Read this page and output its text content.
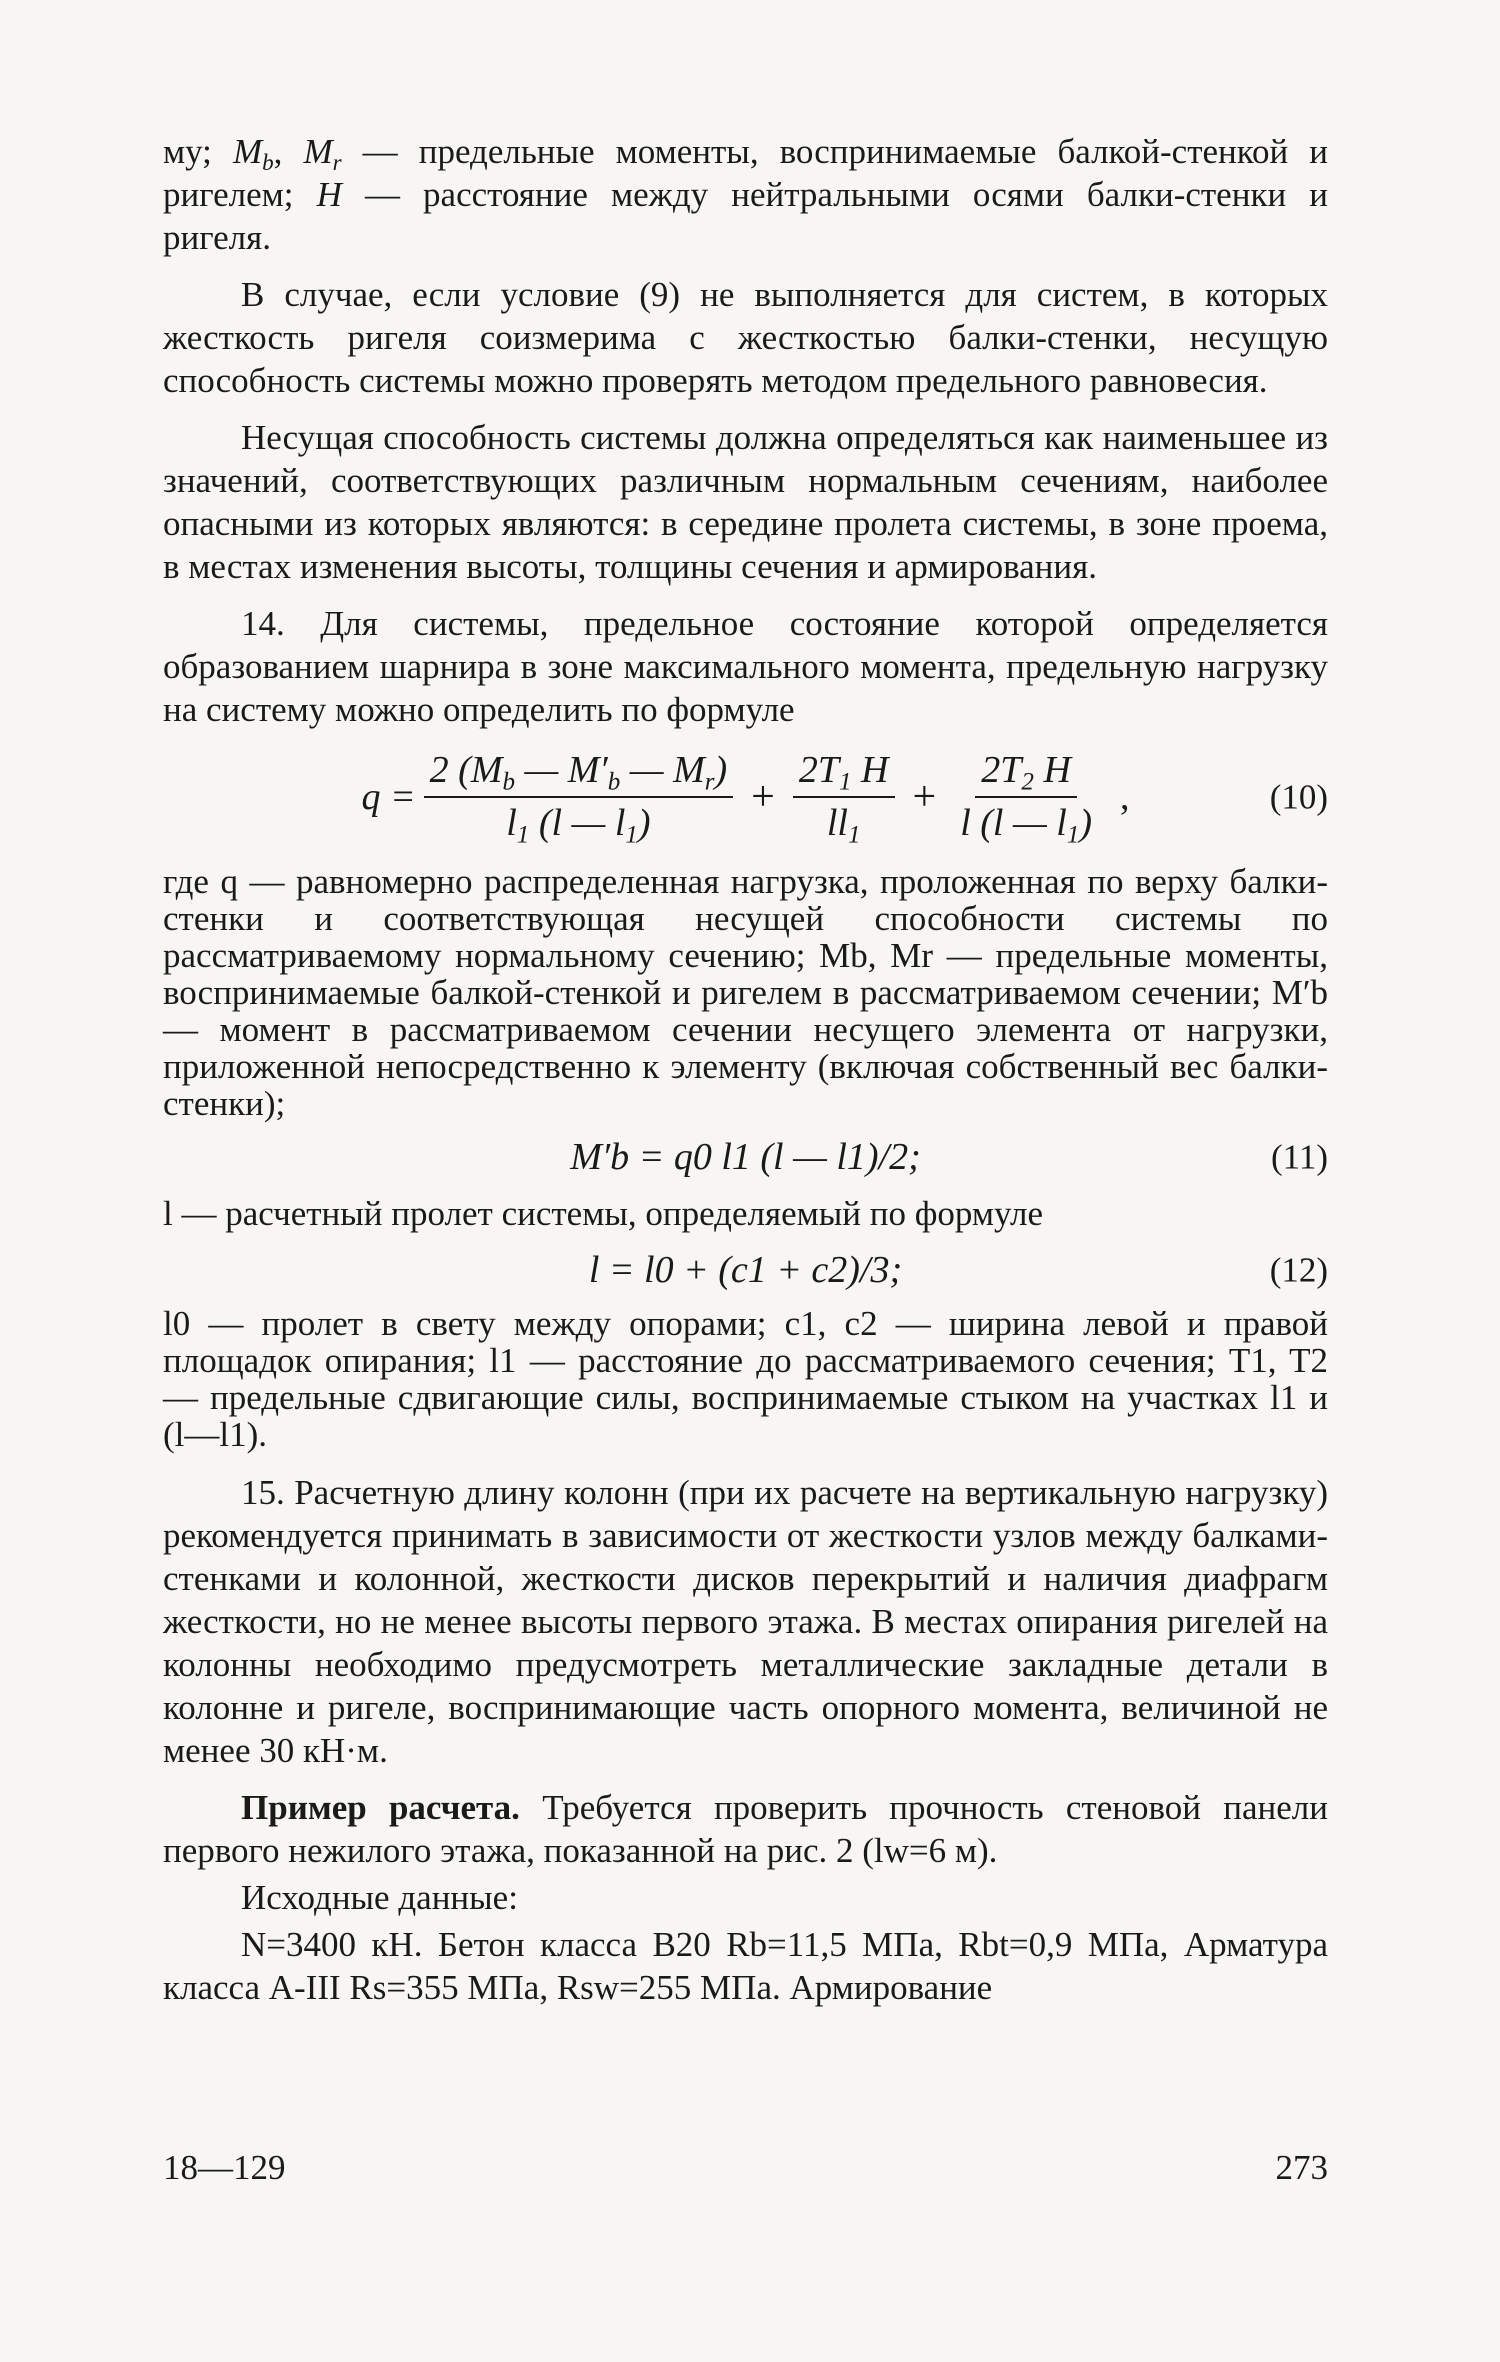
му; $M_b$, $M_r$ — предельные моменты, воспринимаемые балкой-стенкой и ригелем; H — расстояние между нейтральными осями балки-стенки и ригеля.

В случае, если условие (9) не выполняется для систем, в которых жесткость ригеля соизмерима с жесткостью балки-стенки, несущую способность системы можно проверять методом предельного равновесия.

Несущая способность системы должна определяться как наименьшее из значений, соответствующих различным нормальным сечениям, наиболее опасными из которых являются: в середине пролета системы, в зоне проема, в местах изменения высоты, толщины сечения и армирования.

14. Для системы, предельное состояние которой определяется образованием шарнира в зоне максимального момента, предельную нагрузку на систему можно определить по формуле

$q = \frac{2 (M_b — M'_b — M_r)}{l_1 (l — l_1)} + \frac{2T_1 H}{ll_1} + \frac{2T_2 H}{l (l — l_1)}$ ,	(10)

где q — равномерно распределенная нагрузка, проложенная по верху балки-стенки и соответствующая несущей способности системы по рассматриваемому нормальному сечению; Mb, Mr — предельные моменты, воспринимаемые балкой-стенкой и ригелем в рассматриваемом сечении; M′b — момент в рассматриваемом сечении несущего элемента от нагрузки, приложенной непосредственно к элементу (включая собственный вес балки-стенки);

M′b = q0 l1 (l — l1)/2;	(11)

l — расчетный пролет системы, определяемый по формуле

l = l0 + (c1 + c2)/3;	(12)

l0 — пролет в свету между опорами; c1, c2 — ширина левой и правой площадок опирания; l1 — расстояние до рассматриваемого сечения; T1, T2 — предельные сдвигающие силы, воспринимаемые стыком на участках l1 и (l—l1).

15. Расчетную длину колонн (при их расчете на вертикальную нагрузку) рекомендуется принимать в зависимости от жесткости узлов между балками-стенками и колонной, жесткости дисков перекрытий и наличия диафрагм жесткости, но не менее высоты первого этажа. В местах опирания ригелей на колонны необходимо предусмотреть металлические закладные детали в колонне и ригеле, воспринимающие часть опорного момента, величиной не менее 30 кН·м.

Пример расчета. Требуется проверить прочность стеновой панели первого нежилого этажа, показанной на рис. 2 (lw=6 м).

Исходные данные:

N=3400 кН. Бетон класса В20 Rb=11,5 МПа, Rbt=0,9 МПа, Арматура класса А-III Rs=355 МПа, Rsw=255 МПа. Армирование

18—129	273
